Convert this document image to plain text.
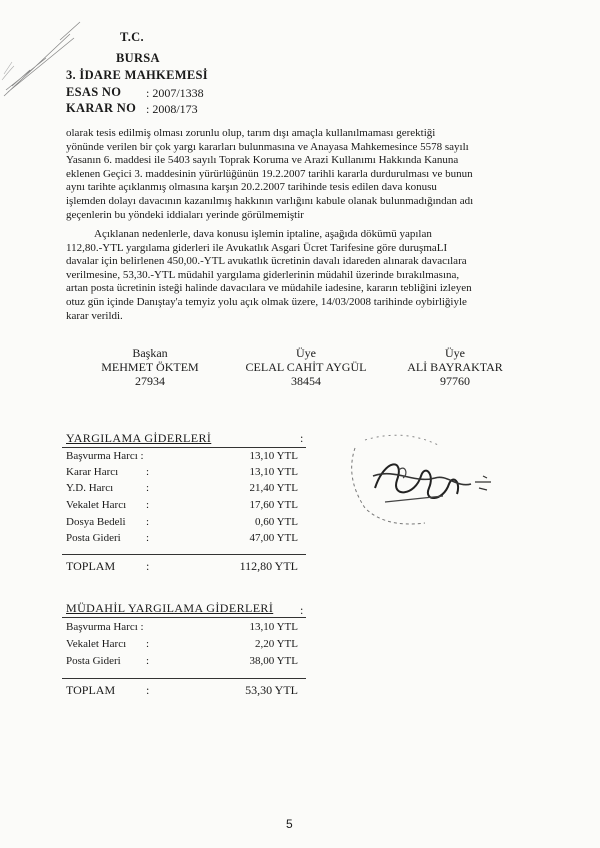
T.C.
BURSA
3. İDARE MAHKEMESİ
ESAS NO : 2007/1338
KARAR NO : 2008/173
olarak tesis edilmiş olması zorunlu olup, tarım dışı amaçla kullanılmaması gerektiği
yönünde verilen bir çok yargı kararları bulunmasına ve Anayasa Mahkemesince 5578 sayılı
Yasanın 6. maddesi ile 5403 sayılı Toprak Koruma ve Arazi Kullanımı Hakkında Kanuna
eklenen Geçici 3. maddesinin yürürlüğünün 19.2.2007 tarihli kararla durdurulması ve bunun
aynı tarihte açıklanmış olmasına karşın 20.2.2007 tarihinde tesis edilen dava konusu
işlemden dolayı davacının kazanılmış hakkının varlığını kabule olanak bulunmadığından adı
geçenlerin bu yöndeki iddiaları yerinde görülmemiştir
Açıklanan nedenlerle, dava konusu işlemin iptaline, aşağıda dökümü yapılan
112,80.-YTL yargılama giderleri ile Avukatlık Asgari Ücret Tarifesine göre duruşmaLI
davalar için belirlenen 450,00.-YTL avukatlık ücretinin davalı idareden alınarak davacılara
verilmesine, 53,30.-YTL müdahil yargılama giderlerinin müdahil üzerinde bırakılmasına,
artan posta ücretinin isteği halinde davacılara ve müdahile iadesine, kararın tebliğini izleyen
otuz gün içinde Danıştay'a temyiz yolu açık olmak üzere, 14/03/2008 tarihinde oybirliğiyle
karar verildi.
Başkan
MEHMET ÖKTEM
27934
Üye
CELAL CAHİT AYGÜL
38454
Üye
ALİ BAYRAKTAR
97760
YARGILAMA GİDERLERİ	:
Başvurma Harcı :	13,10 YTL
Karar Harcı	:	13,10 YTL
Y.D. Harcı	:	21,40 YTL
Vekalet Harcı :	17,60 YTL
Dosya Bedeli :	0,60 YTL
Posta Gideri :	47,00 YTL
TOPLAM	:	112,80 YTL
MÜDAHİL YARGILAMA GİDERLERİ :
Başvurma Harcı :	13,10 YTL
Vekalet Harcı :	2,20 YTL
Posta Gideri :	38,00 YTL
TOPLAM	:	53,30 YTL
5
